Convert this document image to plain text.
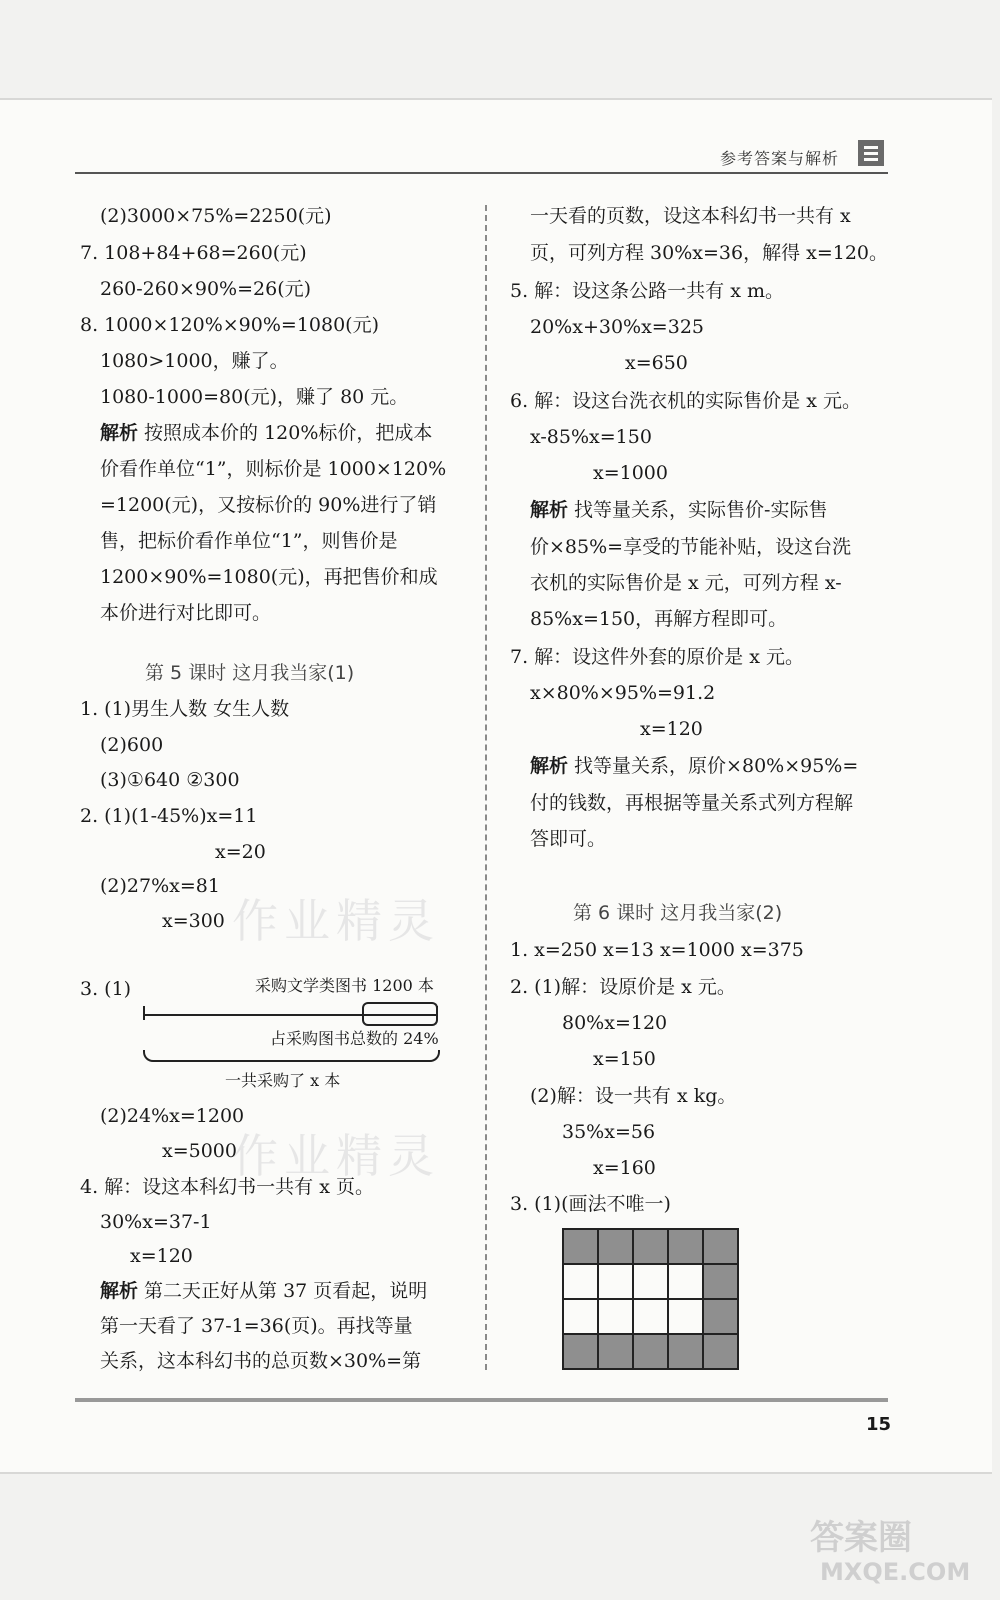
参考答案与解析
作业精灵
作业精灵
(2)3000×75%=2250(元)
7. 108+84+68=260(元)
260-260×90%=26(元)
8. 1000×120%×90%=1080(元)
1080>1000，赚了。
1080-1000=80(元)，赚了 80 元。
解析 按照成本价的 120%标价，把成本
价看作单位“1”，则标价是 1000×120%
=1200(元)，又按标价的 90%进行了销
售，把标价看作单位“1”，则售价是
1200×90%=1080(元)，再把售价和成
本价进行对比即可。
第 5 课时 这月我当家(1)
1. (1)男生人数 女生人数
(2)600
(3)①640 ②300
2. (1)(1-45%)x=11
x=20
(2)27%x=81
x=300
3. (1)	采购文学类图书 1200 本
占采购图书总数的 24%
一共采购了 x 本
(2)24%x=1200
x=5000
4. 解：设这本科幻书一共有 x 页。
30%x=37-1
x=120
解析 第二天正好从第 37 页看起，说明
第一天看了 37-1=36(页)。再找等量
关系，这本科幻书的总页数×30%=第
一天看的页数，设这本科幻书一共有 x
页，可列方程 30%x=36，解得 x=120。
5. 解：设这条公路一共有 x m。
20%x+30%x=325
x=650
6. 解：设这台洗衣机的实际售价是 x 元。
x-85%x=150
x=1000
解析 找等量关系，实际售价-实际售
价×85%=享受的节能补贴，设这台洗
衣机的实际售价是 x 元，可列方程 x-
85%x=150，再解方程即可。
7. 解：设这件外套的原价是 x 元。
x×80%×95%=91.2
x=120
解析 找等量关系，原价×80%×95%=
付的钱数，再根据等量关系式列方程解
答即可。
第 6 课时 这月我当家(2)
1. x=250 x=13 x=1000 x=375
2. (1)解：设原价是 x 元。
80%x=120
x=150
(2)解：设一共有 x kg。
35%x=56
x=160
3. (1)(画法不唯一)

15
答案圈
MXQE.COM
